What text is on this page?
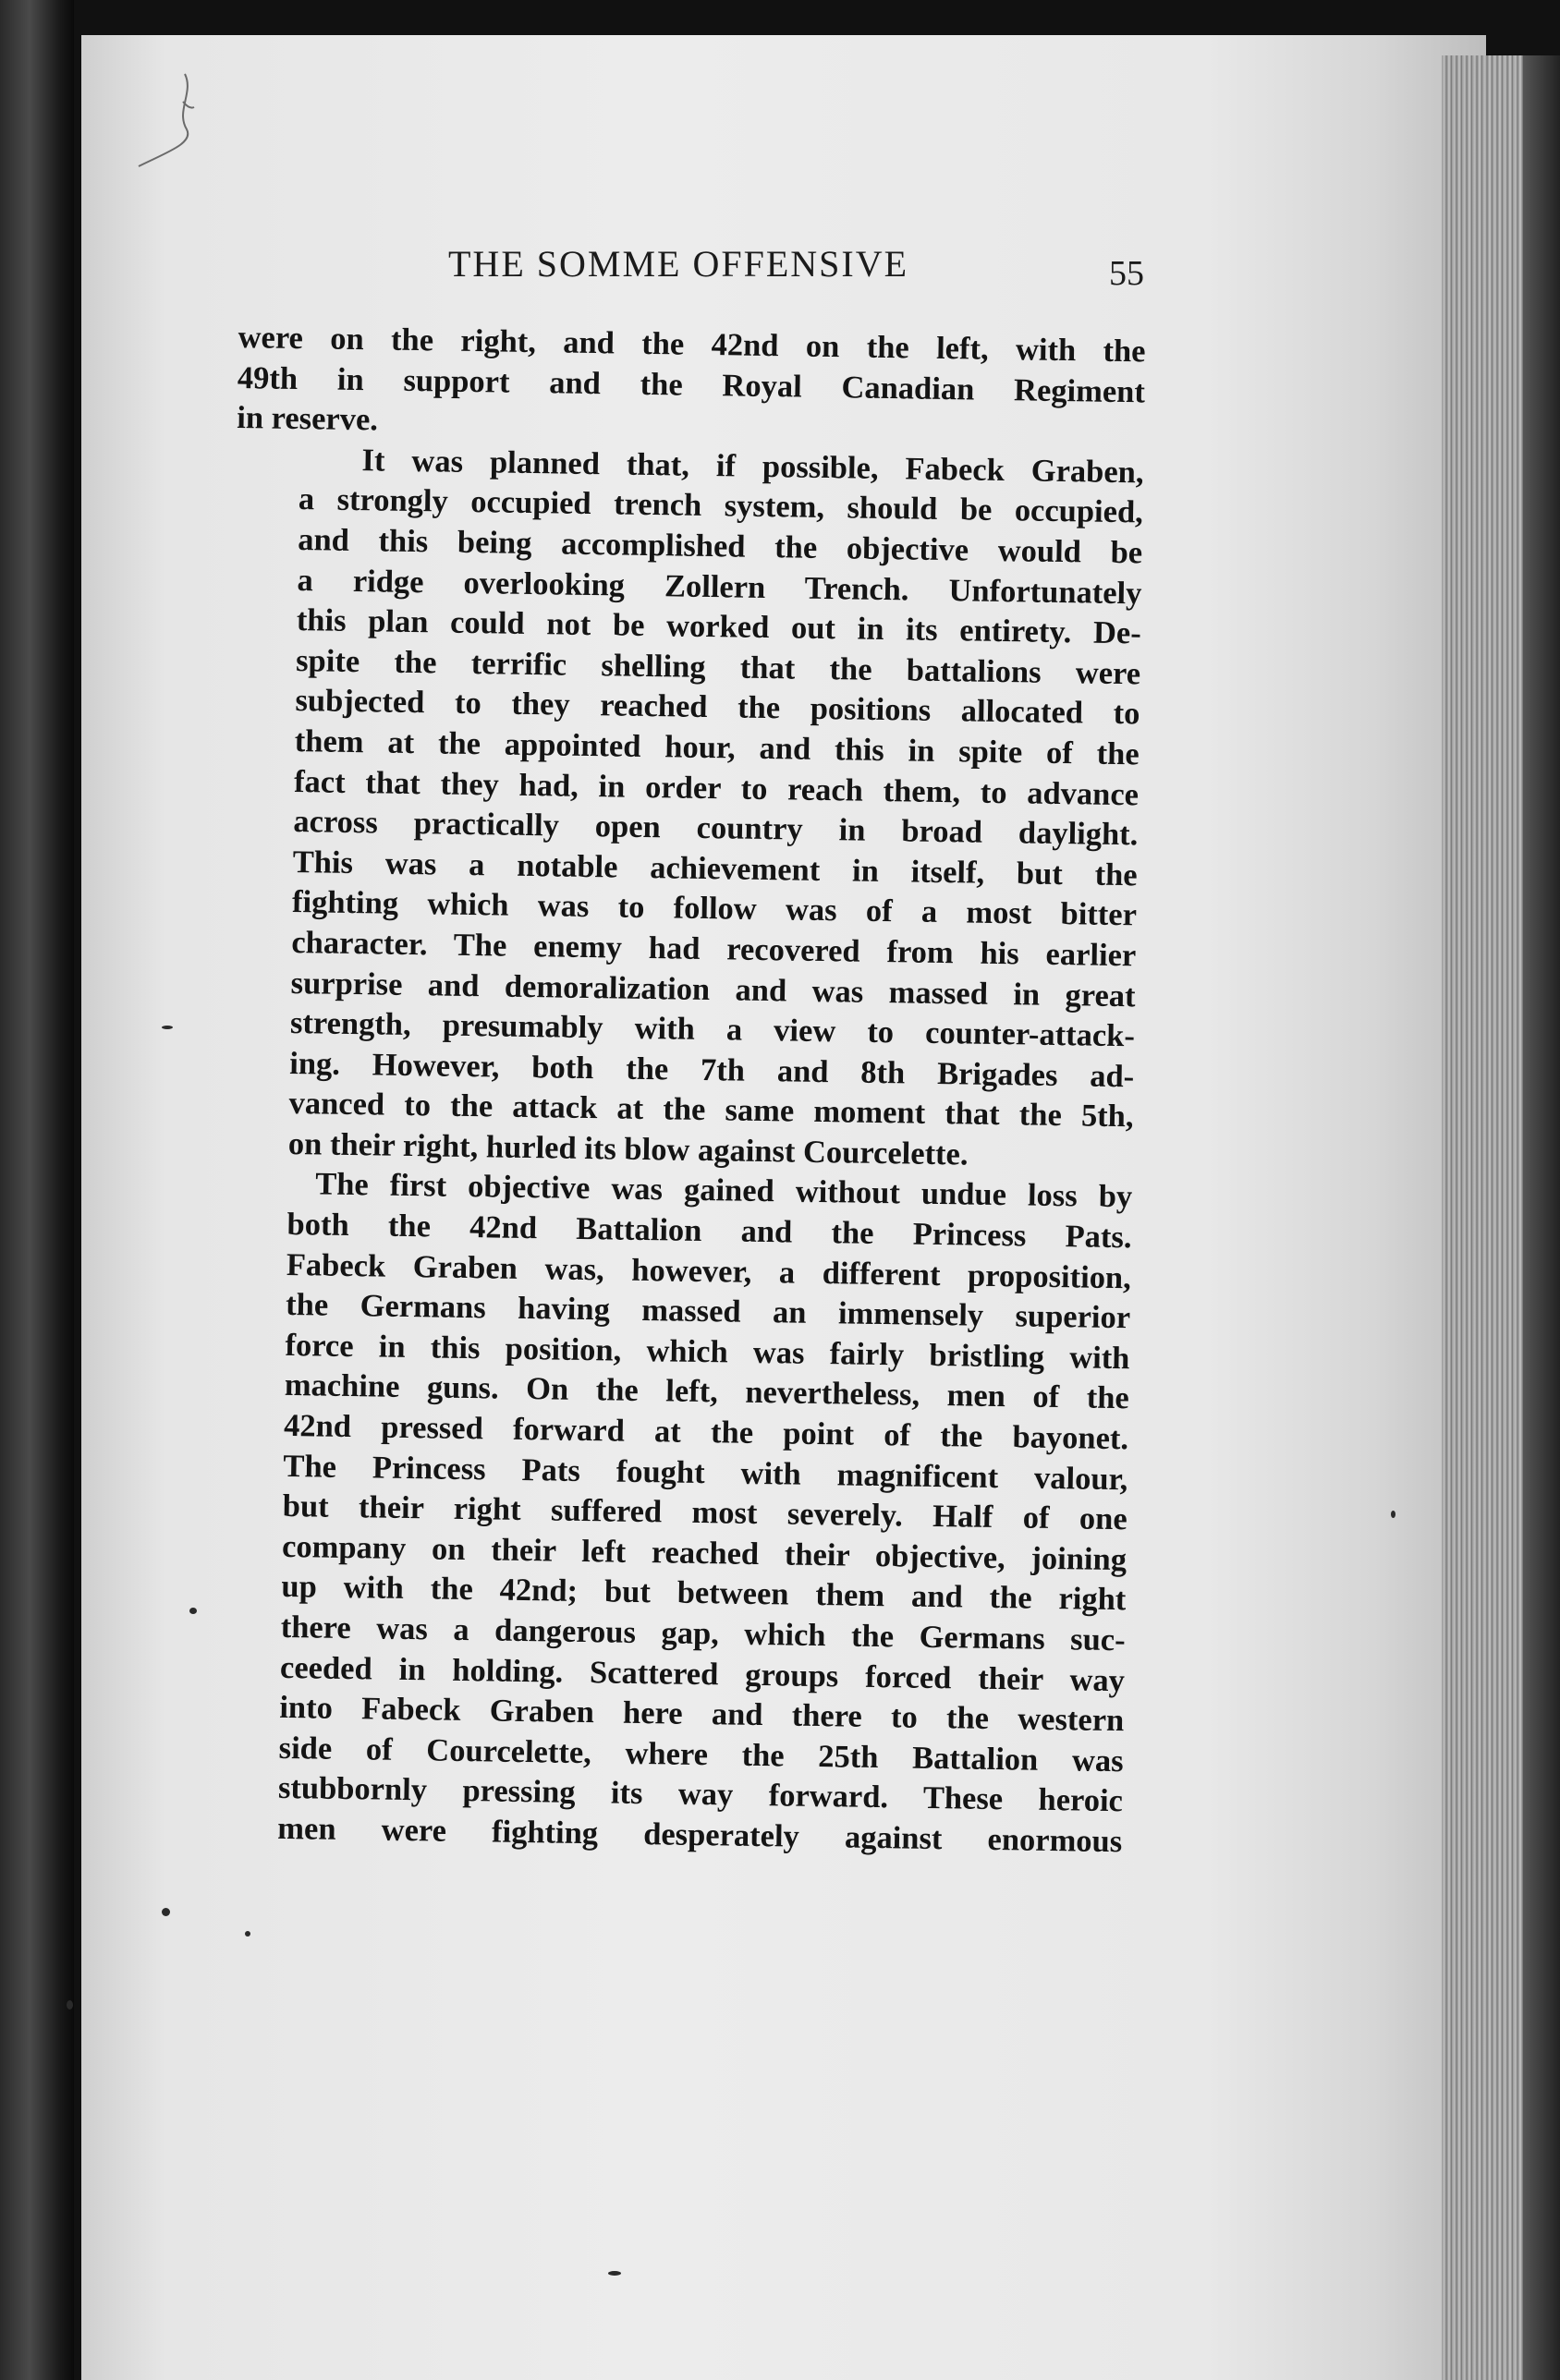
THE SOMME OFFENSIVE	55

were on the right, and the 42nd on the left, with the
49th in support and the Royal Canadian Regiment
in reserve.

It was planned that, if possible, Fabeck Graben,
a strongly occupied trench system, should be occupied,
and this being accomplished the objective would be
a ridge overlooking Zollern Trench. Unfortunately
this plan could not be worked out in its entirety. De-
spite the terrific shelling that the battalions were
subjected to they reached the positions allocated to
them at the appointed hour, and this in spite of the
fact that they had, in order to reach them, to advance
across practically open country in broad daylight.
This was a notable achievement in itself, but the
fighting which was to follow was of a most bitter
character. The enemy had recovered from his earlier
surprise and demoralization and was massed in great
strength, presumably with a view to counter-attack-
ing. However, both the 7th and 8th Brigades ad-
vanced to the attack at the same moment that the 5th,
on their right, hurled its blow against Courcelette.

The first objective was gained without undue loss by
both the 42nd Battalion and the Princess Pats.
Fabeck Graben was, however, a different proposition,
the Germans having massed an immensely superior
force in this position, which was fairly bristling with
machine guns. On the left, nevertheless, men of the
42nd pressed forward at the point of the bayonet.
The Princess Pats fought with magnificent valour,
but their right suffered most severely. Half of one
company on their left reached their objective, joining
up with the 42nd; but between them and the right
there was a dangerous gap, which the Germans suc-
ceeded in holding. Scattered groups forced their way
into Fabeck Graben here and there to the western
side of Courcelette, where the 25th Battalion was
stubbornly pressing its way forward. These heroic
men were fighting desperately against enormous
